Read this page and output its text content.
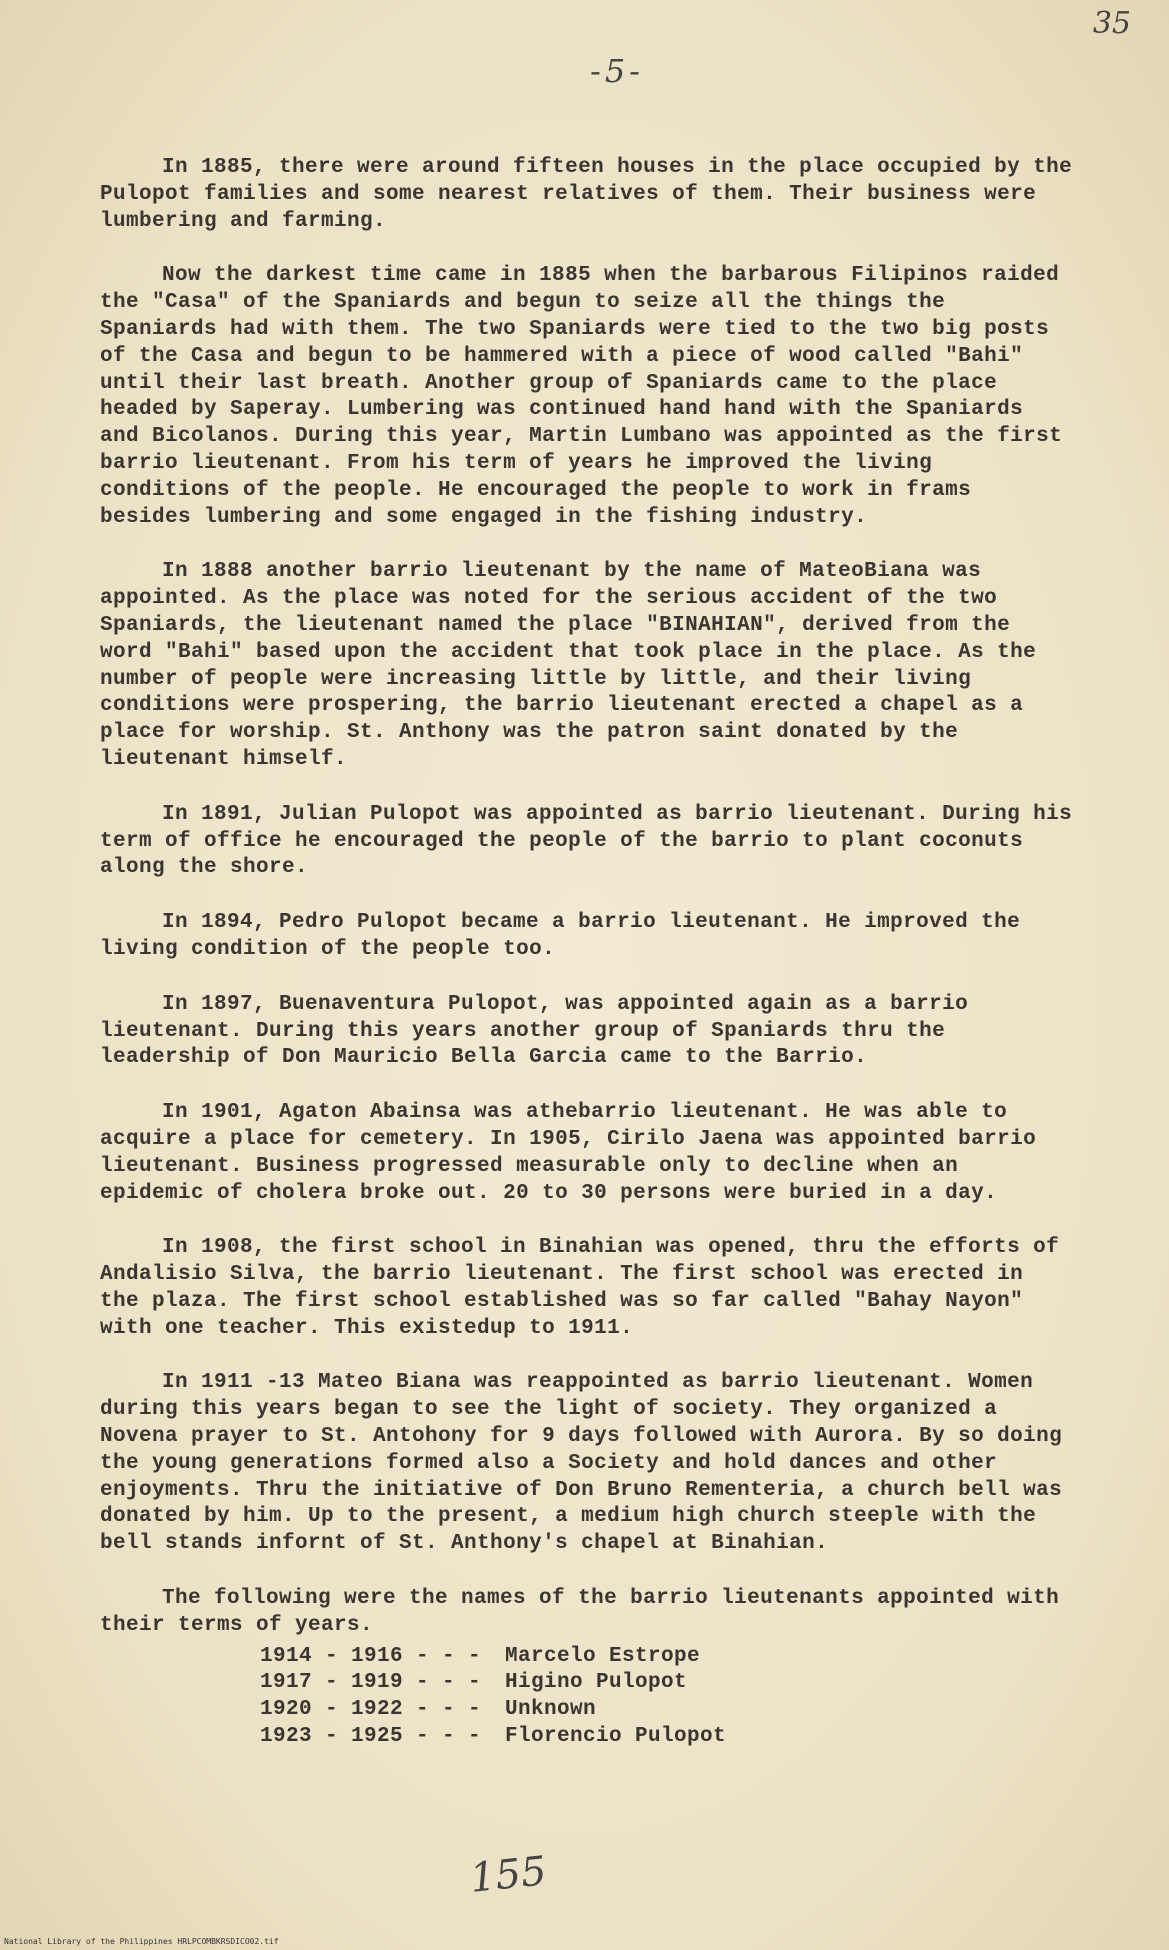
35
-5-

In 1885, there were around fifteen houses in the place occupied by the Pulopot families and some nearest relatives of them. Their business were lumbering and farming.

Now the darkest time came in 1885 when the barbarous Filipinos raided the "Casa" of the Spaniards and begun to seize all the things the Spaniards had with them. The two Spaniards were tied to the two big posts of the Casa and begun to be hammered with a piece of wood called "Bahi" until their last breath. Another group of Spaniards came to the place headed by Saperay. Lumbering was continued hand hand with the Spaniards and Bicolanos. During this year, Martin Lumbano was appointed as the first barrio lieutenant. From his term of years he improved the living conditions of the people. He encouraged the people to work in frams besides lumbering and some engaged in the fishing industry.

In 1888 another barrio lieutenant by the name of MateoBiana was appointed. As the place was noted for the serious accident of the two Spaniards, the lieutenant named the place "BINAHIAN", derived from the word "Bahi" based upon the accident that took place in the place. As the number of people were increasing little by little, and their living conditions were prospering, the barrio lieutenant erected a chapel as a place for worship. St. Anthony was the patron saint donated by the lieutenant himself.

In 1891, Julian Pulopot was appointed as barrio lieutenant. During his term of office he encouraged the people of the barrio to plant coconuts along the shore.

In 1894, Pedro Pulopot became a barrio lieutenant. He improved the living condition of the people too.

In 1897, Buenaventura Pulopot, was appointed again as a barrio lieutenant. During this years another group of Spaniards thru the leadership of Don Mauricio Bella Garcia came to the Barrio.

In 1901, Agaton Abainsa was athebarrio lieutenant. He was able to acquire a place for cemetery. In 1905, Cirilo Jaena was appointed barrio lieutenant. Business progressed measurable only to decline when an epidemic of cholera broke out. 20 to 30 persons were buried in a day.

In 1908, the first school in Binahian was opened, thru the efforts of Andalisio Silva, the barrio lieutenant. The first school was erected in the plaza. The first school established was so far called "Bahay Nayon" with one teacher. This existedup to 1911.

In 1911 -13 Mateo Biana was reappointed as barrio lieutenant. Women during this years began to see the light of society. They organized a Novena prayer to St. Antohony for 9 days followed with Aurora. By so doing the young generations formed also a Society and hold dances and other enjoyments. Thru the initiative of Don Bruno Rementeria, a church bell was donated by him. Up to the present, a medium high church steeple with the bell stands infornt of St. Anthony's chapel at Binahian.

The following were the names of the barrio lieutenants appointed with their terms of years.

1914 - 1916 - - -	Marcelo Estrope
1917 - 1919 - - -	Higino Pulopot
1920 - 1922 - - -	Unknown
1923 - 1925 - - -	Florencio Pulopot
155
National Library of the Philippines HRLPCOMBKRSDICO02.tif
